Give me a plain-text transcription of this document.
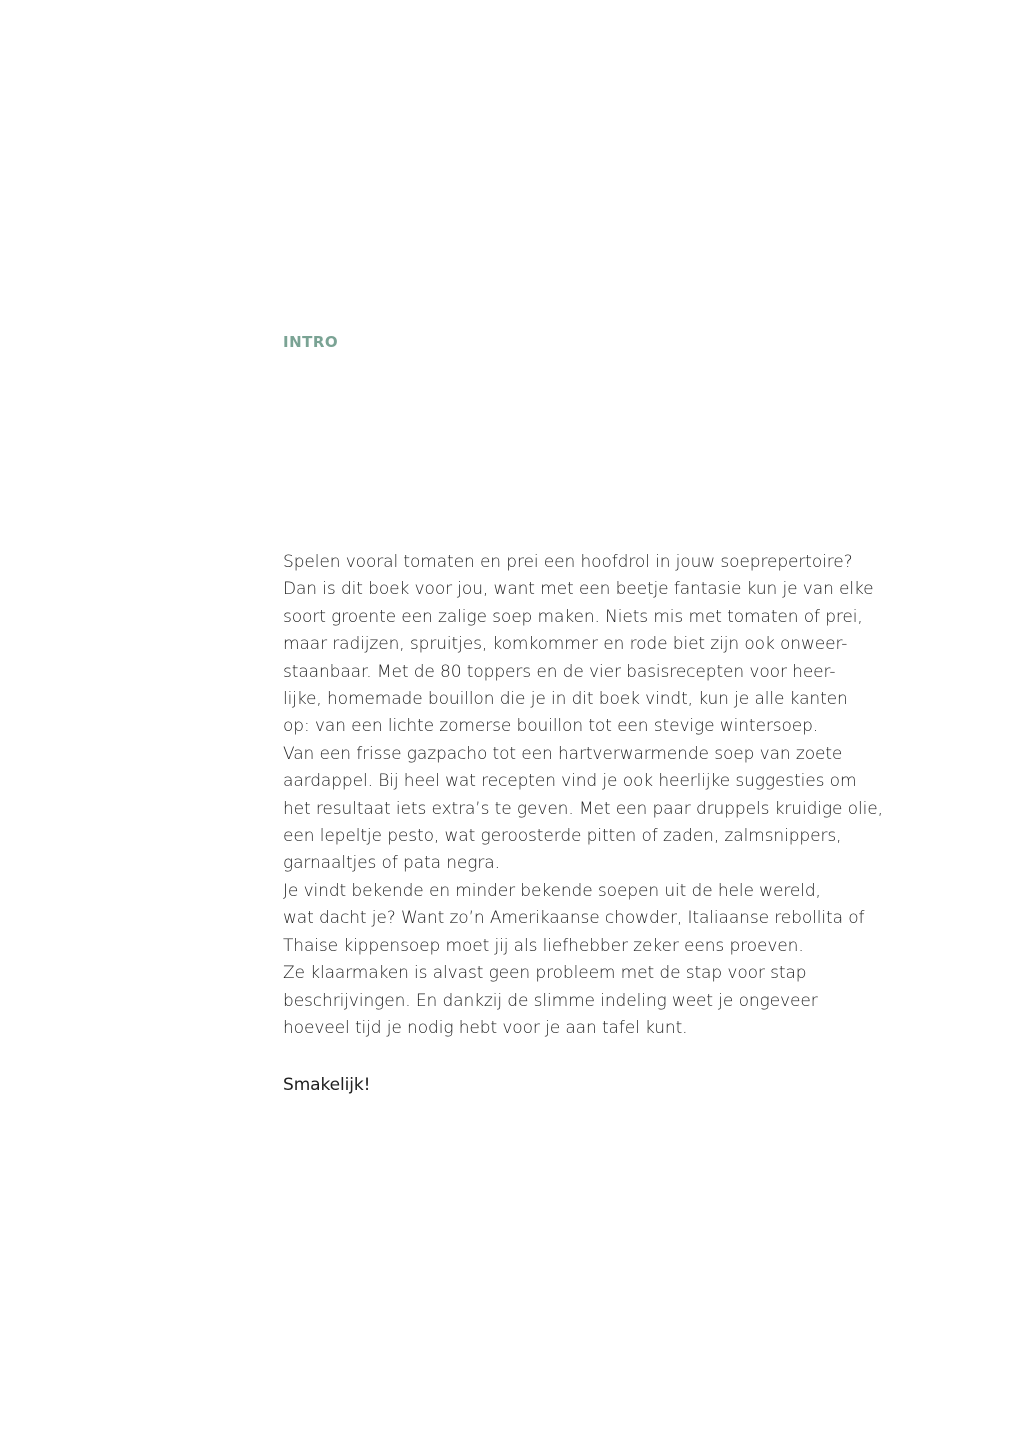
INTRO
Spelen vooral tomaten en prei een hoofdrol in jouw soeprepertoire?
Dan is dit boek voor jou, want met een beetje fantasie kun je van elke
soort groente een zalige soep maken. Niets mis met tomaten of prei,
maar radijzen, spruitjes, komkommer en rode biet zijn ook onweer-
staanbaar. Met de 80 toppers en de vier basisrecepten voor heer-
lijke, homemade bouillon die je in dit boek vindt, kun je alle kanten
op: van een lichte zomerse bouillon tot een stevige wintersoep.
Van een frisse gazpacho tot een hartverwarmende soep van zoete
aardappel. Bij heel wat recepten vind je ook heerlijke suggesties om
het resultaat iets extra’s te geven. Met een paar druppels kruidige olie,
een lepeltje pesto, wat geroosterde pitten of zaden, zalmsnippers,
garnaaltjes of pata negra.
Je vindt bekende en minder bekende soepen uit de hele wereld,
wat dacht je? Want zo’n Amerikaanse chowder, Italiaanse rebollita of
Thaise kippensoep moet jij als liefhebber zeker eens proeven.
Ze klaarmaken is alvast geen probleem met de stap voor stap
beschrijvingen. En dankzij de slimme indeling weet je ongeveer
hoeveel tijd je nodig hebt voor je aan tafel kunt.

Smakelijk!
